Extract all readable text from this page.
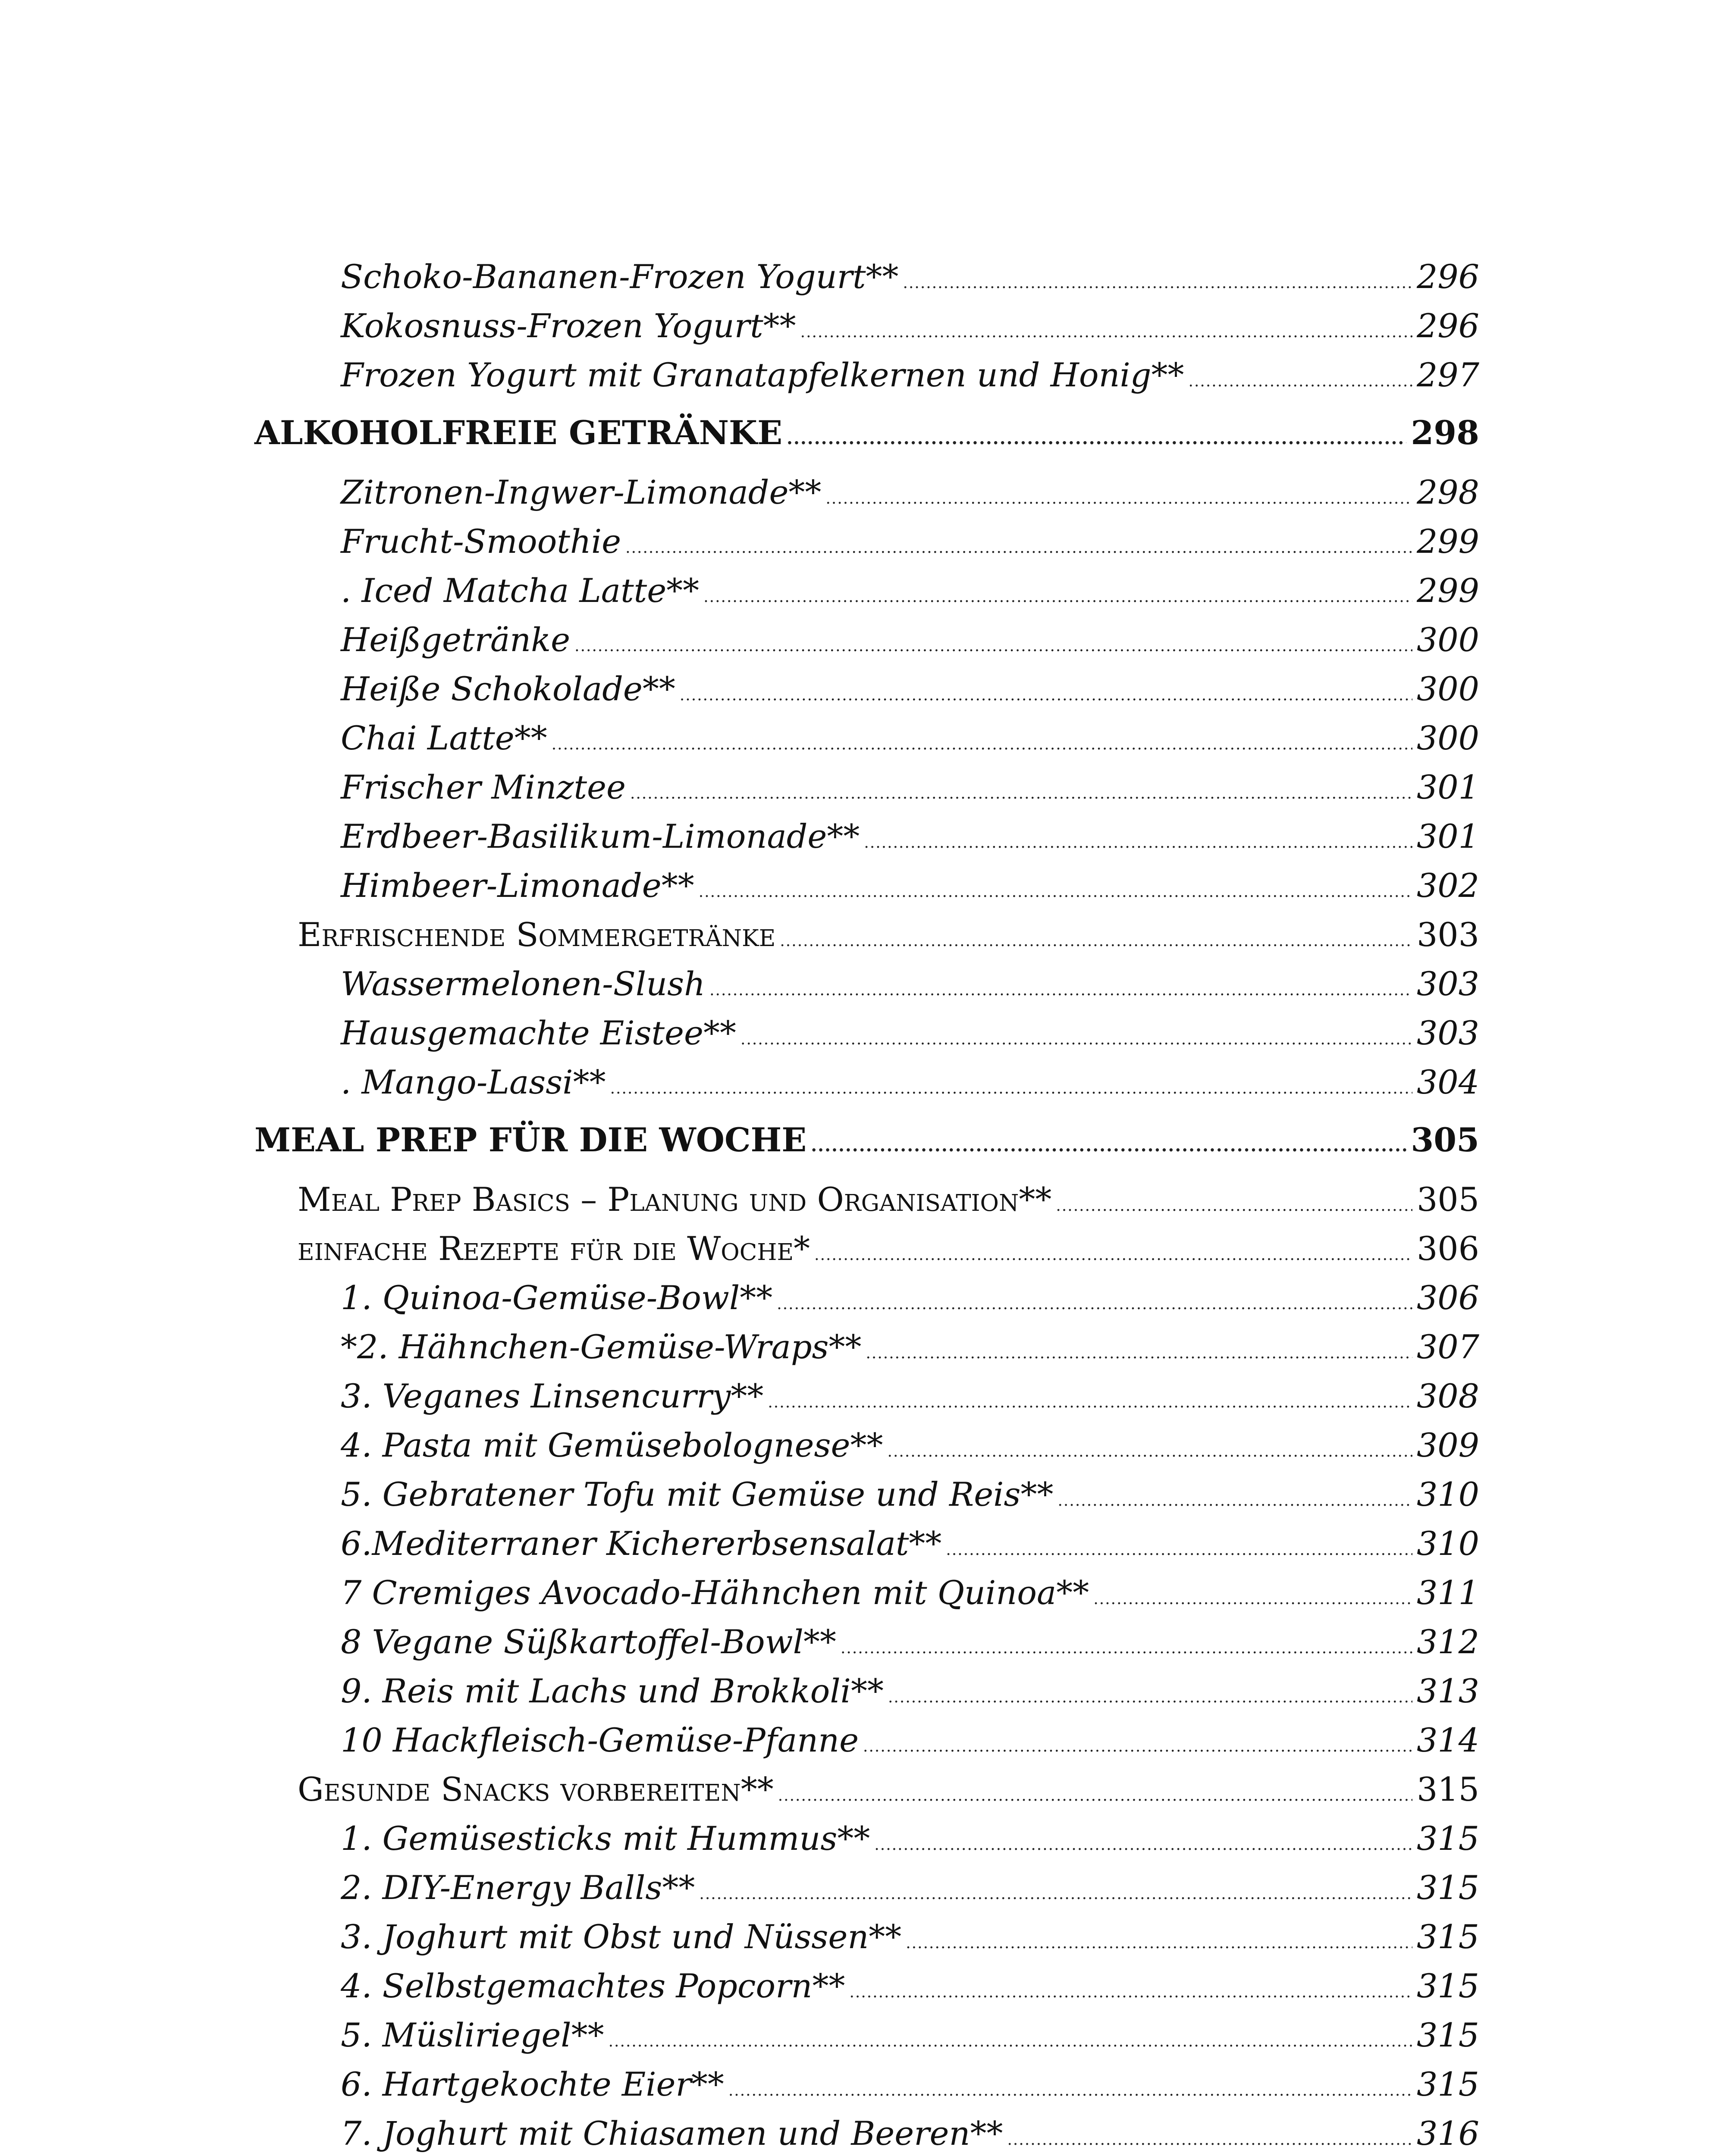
Schoko-Bananen-Frozen Yogurt** .....	296
Kokosnuss-Frozen Yogurt** .....	296
Frozen Yogurt mit Granatapfelkernen und Honig** .....	297
ALKOHOLFREIE GETRÄNKE .....	298
Zitronen-Ingwer-Limonade** .....	298
Frucht-Smoothie .....	299
. Iced Matcha Latte** .....	299
Heißgetränke .....	300
Heiße Schokolade** .....	300
Chai Latte** .....	300
Frischer Minztee .....	301
Erdbeer-Basilikum-Limonade** .....	301
Himbeer-Limonade** .....	302
Erfrischende Sommergetränke .....	303
Wassermelonen-Slush .....	303
Hausgemachte Eistee** .....	303
. Mango-Lassi** .....	304
MEAL PREP FÜR DIE WOCHE .....	305
Meal Prep Basics – Planung und Organisation** .....	305
einfache Rezepte für die Woche* .....	306
1. Quinoa-Gemüse-Bowl** .....	306
*2. Hähnchen-Gemüse-Wraps** .....	307
3. Veganes Linsencurry** .....	308
4. Pasta mit Gemüsebolognese** .....	309
5. Gebratener Tofu mit Gemüse und Reis** .....	310
6.Mediterraner Kichererbsensalat** .....	310
7 Cremiges Avocado-Hähnchen mit Quinoa** .....	311
8 Vegane Süßkartoffel-Bowl** .....	312
9. Reis mit Lachs und Brokkoli** .....	313
10 Hackfleisch-Gemüse-Pfanne .....	314
Gesunde Snacks vorbereiten** .....	315
1. Gemüsesticks mit Hummus** .....	315
2. DIY-Energy Balls** .....	315
3. Joghurt mit Obst und Nüssen** .....	315
4. Selbstgemachtes Popcorn** .....	315
5. Müsliriegel** .....	315
6. Hartgekochte Eier** .....	315
7. Joghurt mit Chiasamen und Beeren** .....	316
